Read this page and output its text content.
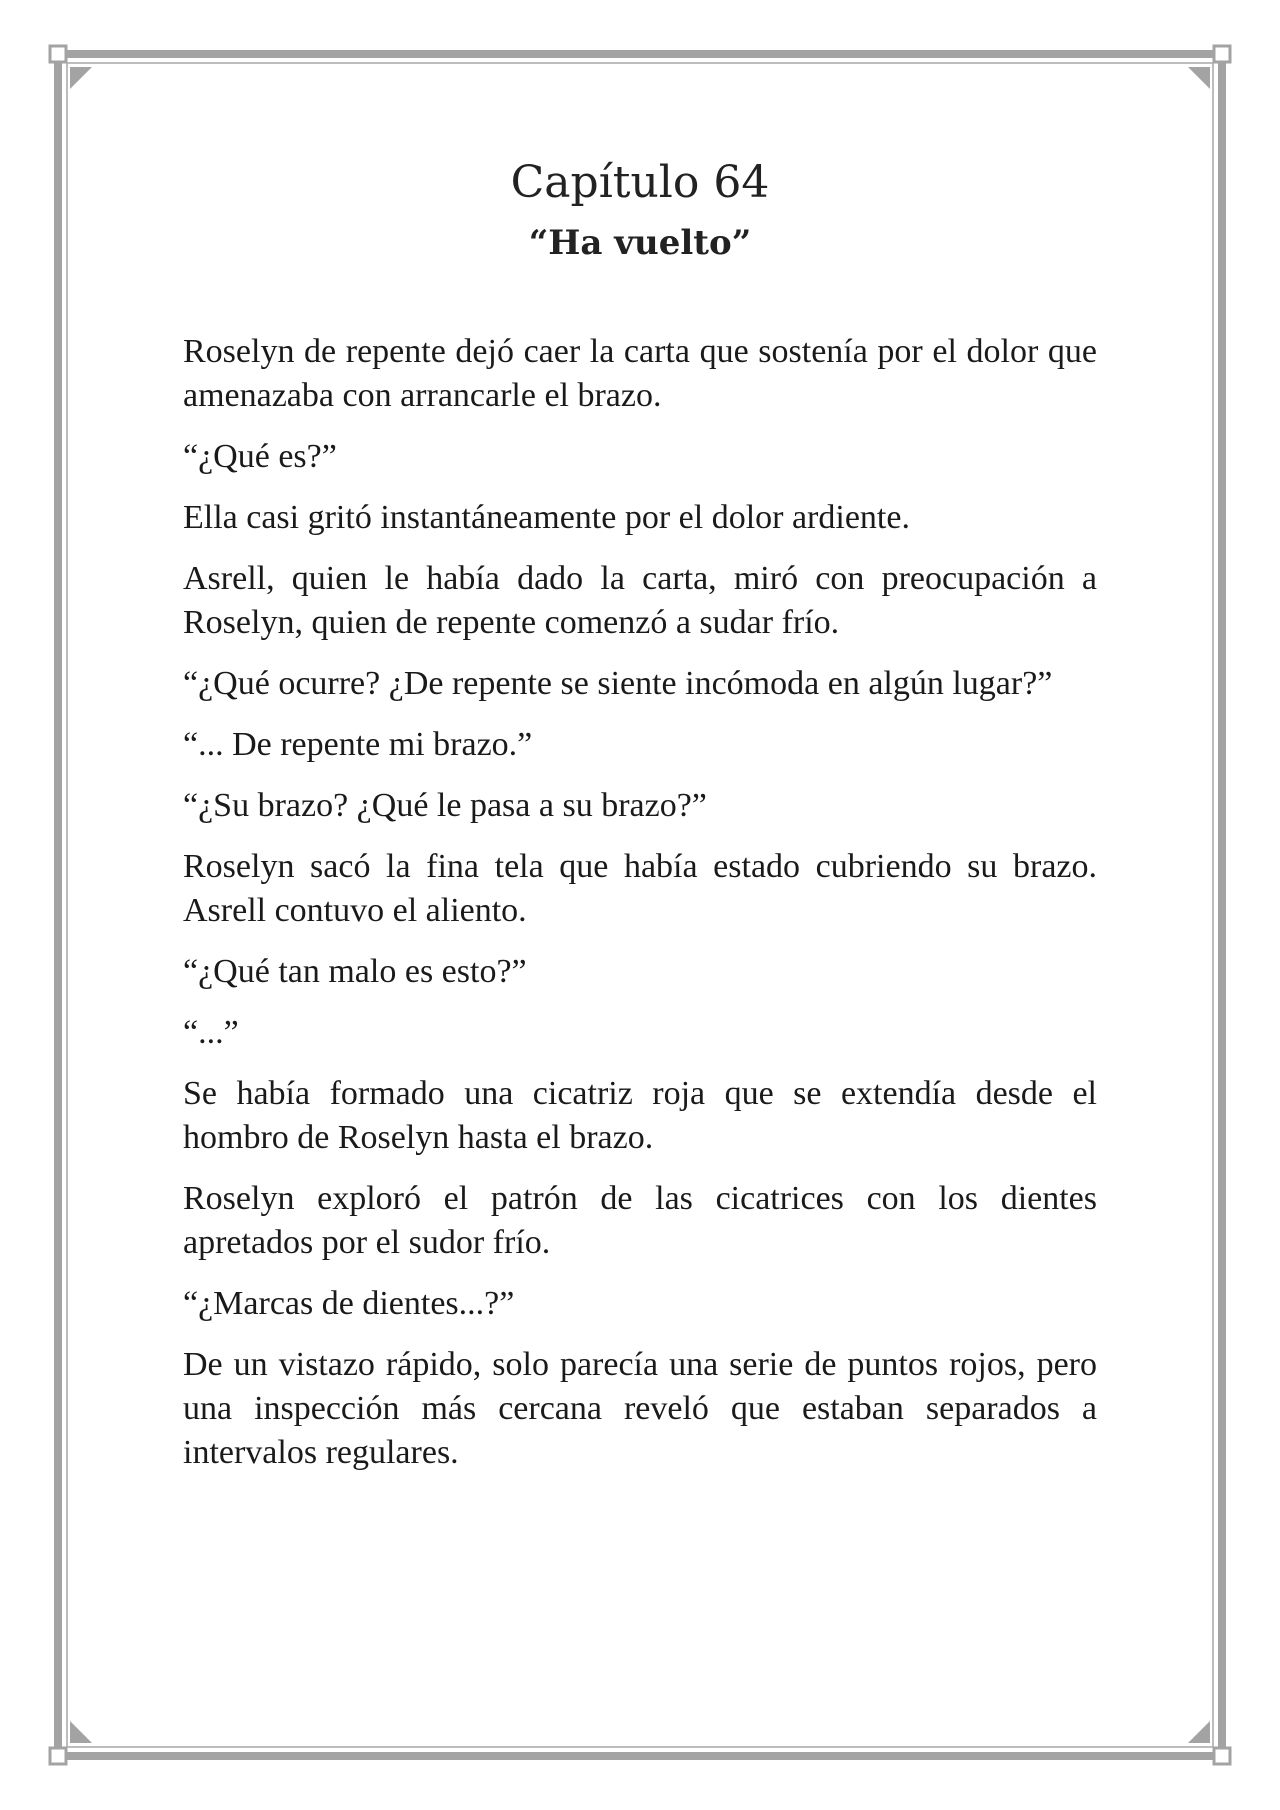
Capítulo 64
“Ha vuelto”

Roselyn de repente dejó caer la carta que sostenía por el dolor que amenazaba con arrancarle el brazo.

“¿Qué es?”

Ella casi gritó instantáneamente por el dolor ardiente.

Asrell, quien le había dado la carta, miró con preocupación a Roselyn, quien de repente comenzó a sudar frío.

“¿Qué ocurre? ¿De repente se siente incómoda en algún lugar?”

“... De repente mi brazo.”

“¿Su brazo? ¿Qué le pasa a su brazo?”

Roselyn sacó la fina tela que había estado cubriendo su brazo. Asrell contuvo el aliento.

“¿Qué tan malo es esto?”

“...”

Se había formado una cicatriz roja que se extendía desde el hombro de Roselyn hasta el brazo.

Roselyn exploró el patrón de las cicatrices con los dientes apretados por el sudor frío.

“¿Marcas de dientes...?”

De un vistazo rápido, solo parecía una serie de puntos rojos, pero una inspección más cercana reveló que estaban separados a intervalos regulares.
